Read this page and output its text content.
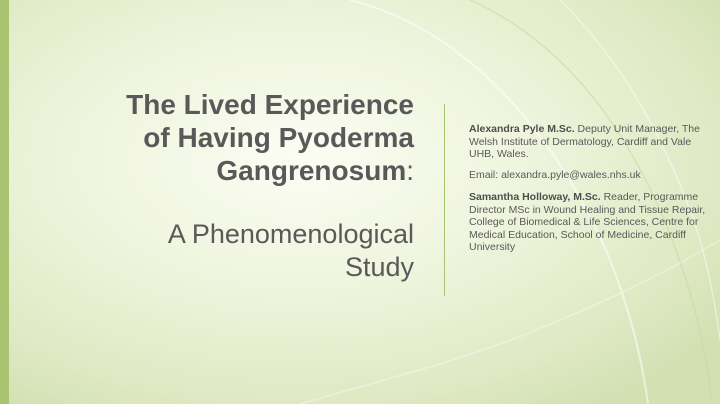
The Lived Experience
of Having Pyoderma
Gangrenosum:
A Phenomenological
Study

Alexandra Pyle M.Sc. Deputy Unit Manager, The Welsh Institute of Dermatology, Cardiff and Vale UHB, Wales.

Email: alexandra.pyle@wales.nhs.uk

Samantha Holloway, M.Sc. Reader, Programme Director MSc in Wound Healing and Tissue Repair, College of Biomedical & Life Sciences, Centre for Medical Education, School of Medicine, Cardiff University
